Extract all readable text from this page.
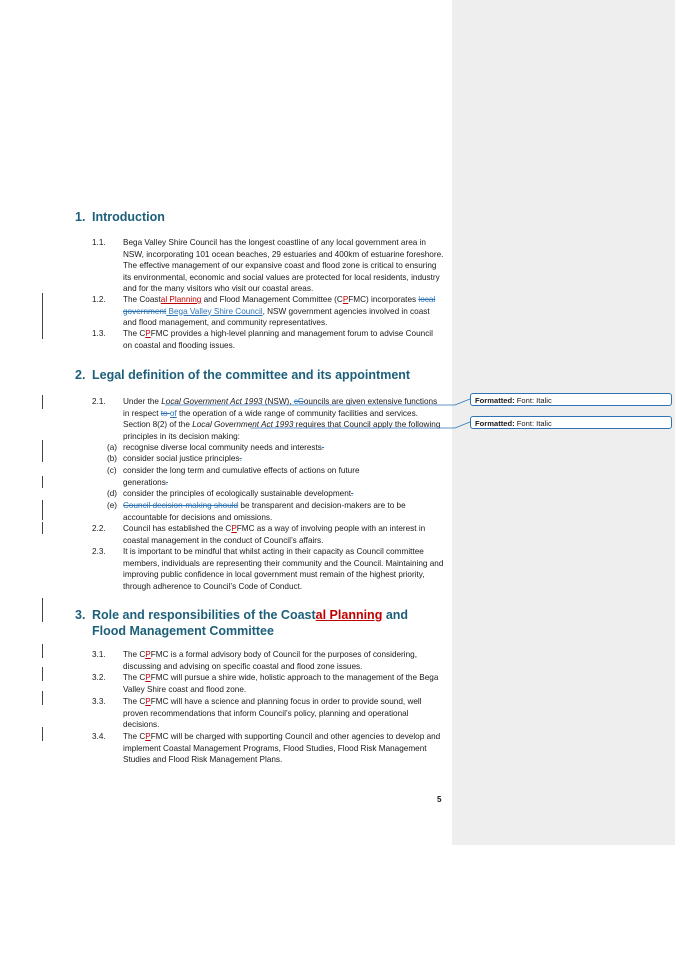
1. Introduction
1.1. Bega Valley Shire Council has the longest coastline of any local government area in NSW, incorporating 101 ocean beaches, 29 estuaries and 400km of estuarine foreshore. The effective management of our expansive coast and flood zone is critical to ensuring its environmental, economic and social values are protected for local residents, industry and for the many visitors who visit our coastal areas.
1.2. The Coastal Planning and Flood Management Committee (CPFMC) incorporates local government Bega Valley Shire Council, NSW government agencies involved in coast and flood management, and community representatives.
1.3. The CPFMC provides a high-level planning and management forum to advise Council on coastal and flooding issues.
2. Legal definition of the committee and its appointment
2.1. Under the Local Government Act 1993 (NSW), cCouncils are given extensive functions in respect to of the operation of a wide range of community facilities and services. Section 8(2) of the Local Government Act 1993 requires that Council apply the following principles in its decision making:
(a) recognise diverse local community needs and interests.
(b) consider social justice principles.
(c) consider the long term and cumulative effects of actions on future generations.
(d) consider the principles of ecologically sustainable development.
(e) Council decision-making should be transparent and decision-makers are to be accountable for decisions and omissions.
2.2. Council has established the CPFMC as a way of involving people with an interest in coastal management in the conduct of Council’s affairs.
2.3. It is important to be mindful that whilst acting in their capacity as Council committee members, individuals are representing their community and the Council. Maintaining and improving public confidence in local government must remain of the highest priority, through adherence to Council’s Code of Conduct.
3. Role and responsibilities of the Coastal Planning and
Flood Management Committee
3.1. The CPFMC is a formal advisory body of Council for the purposes of considering, discussing and advising on specific coastal and flood zone issues.
3.2. The CPFMC will pursue a shire wide, holistic approach to the management of the Bega Valley Shire coast and flood zone.
3.3. The CPFMC will have a science and planning focus in order to provide sound, well proven recommendations that inform Council’s policy, planning and operational decisions.
3.4. The CPFMC will be charged with supporting Council and other agencies to develop and implement Coastal Management Programs, Flood Studies, Flood Risk Management Studies and Flood Risk Management Plans.
5
Formatted: Font: Italic
Formatted: Font: Italic
